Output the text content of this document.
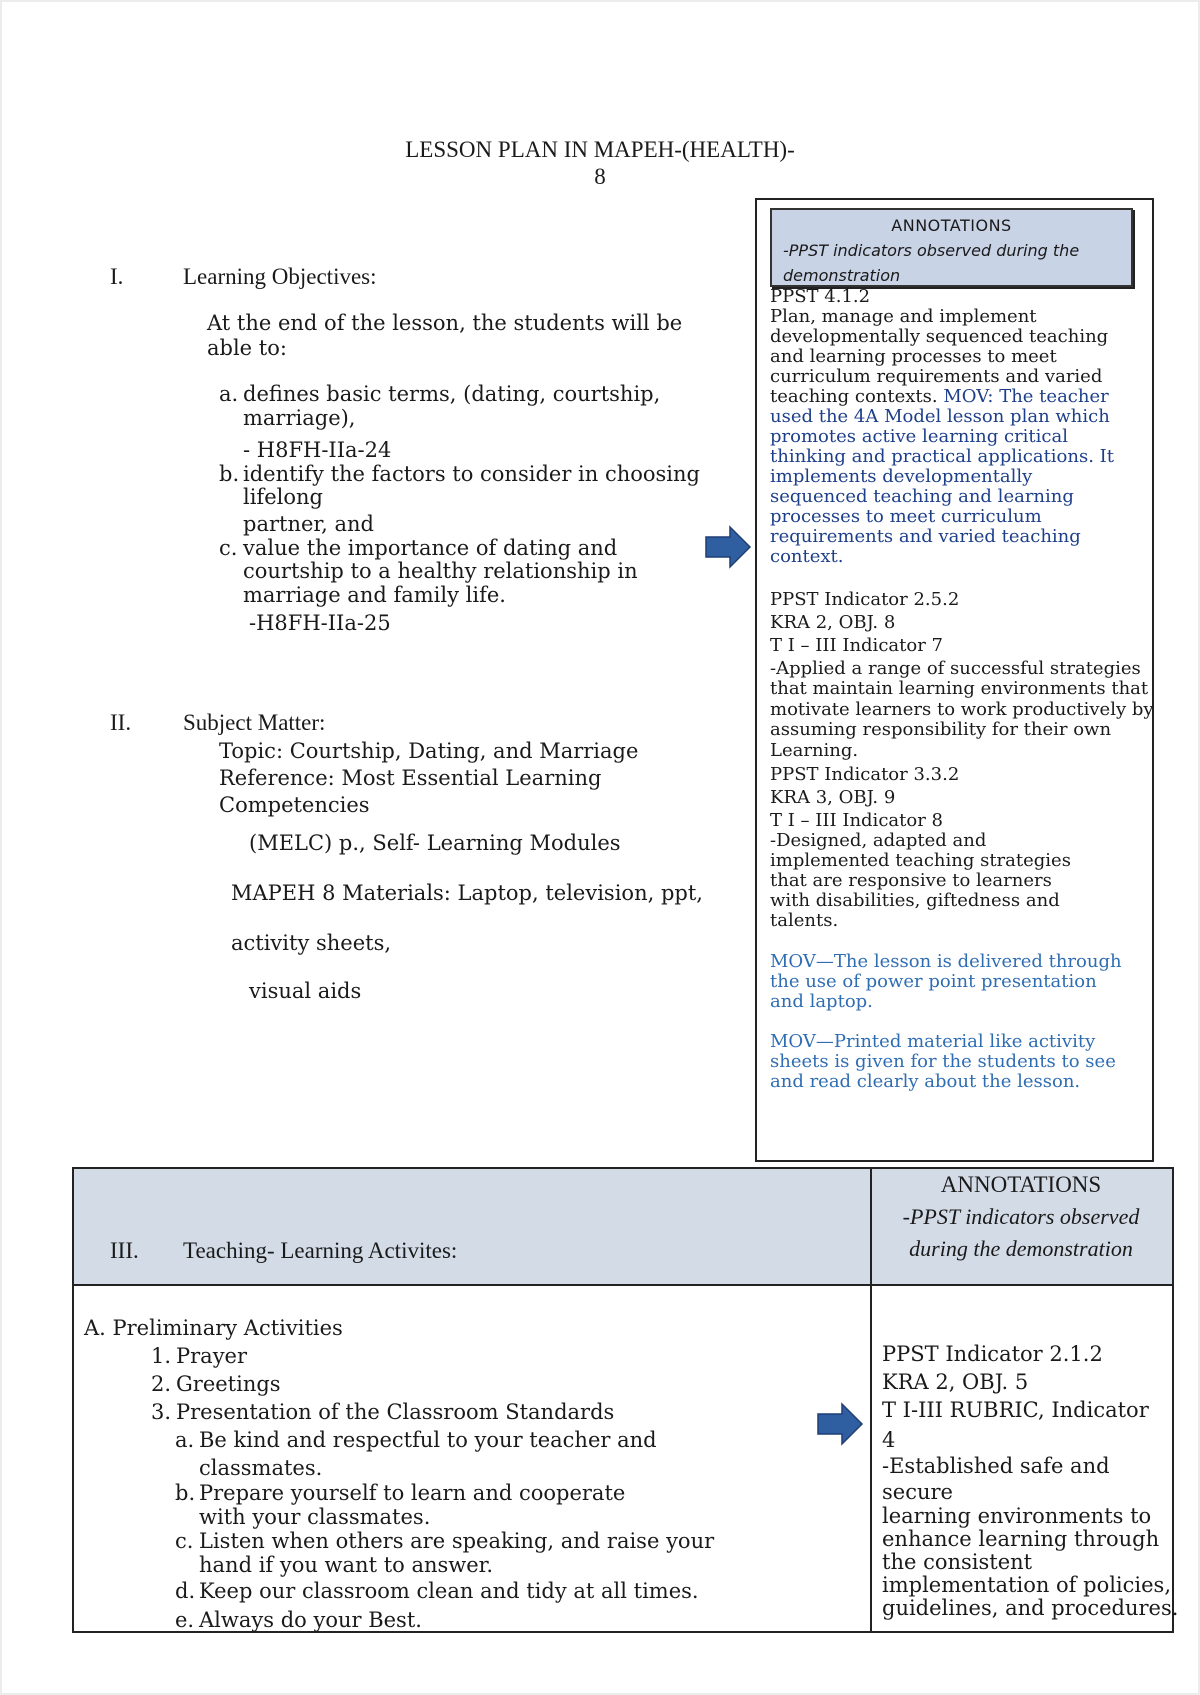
LESSON PLAN IN MAPEH-(HEALTH)-
8
I.	Learning Objectives:
At the end of the lesson, the students will be
able to:
a. defines basic terms, (dating, courtship,
marriage),
- H8FH-IIa-24
b. identify the factors to consider in choosing
lifelong
partner, and
c. value the importance of dating and
courtship to a healthy relationship in
marriage and family life.
-H8FH-IIa-25
II. Subject Matter:
Topic: Courtship, Dating, and Marriage
Reference: Most Essential Learning
Competencies
(MELC) p., Self- Learning Modules
MAPEH 8 Materials: Laptop, television, ppt,
activity sheets,
visual aids
ANNOTATIONS
-PPST indicators observed during the
demonstration
PPST 4.1.2
Plan, manage and implement
developmentally sequenced teaching
and learning processes to meet
curriculum requirements and varied
teaching contexts. MOV: The teacher
used the 4A Model lesson plan which
promotes active learning critical
thinking and practical applications. It
implements developmentally
sequenced teaching and learning
processes to meet curriculum
requirements and varied teaching
context.
PPST Indicator 2.5.2
KRA 2, OBJ. 8
T I – III Indicator 7
-Applied a range of successful strategies
that maintain learning environments that
motivate learners to work productively by
assuming responsibility for their own
Learning.
PPST Indicator 3.3.2
KRA 3, OBJ. 9
T I – III Indicator 8
-Designed, adapted and
implemented teaching strategies
that are responsive to learners
with disabilities, giftedness and
talents.
MOV—The lesson is delivered through
the use of power point presentation
and laptop.
MOV—Printed material like activity
sheets is given for the students to see
and read clearly about the lesson.
III. Teaching- Learning Activites:
ANNOTATIONS
-PPST indicators observed
during the demonstration
A. Preliminary Activities
1. Prayer
2. Greetings
3. Presentation of the Classroom Standards
a. Be kind and respectful to your teacher and
classmates.
b. Prepare yourself to learn and cooperate
with your classmates.
c. Listen when others are speaking, and raise your
hand if you want to answer.
d. Keep our classroom clean and tidy at all times.
e. Always do your Best.
PPST Indicator 2.1.2
KRA 2, OBJ. 5
T I-III RUBRIC, Indicator
4
-Established safe and
secure
learning environments to
enhance learning through
the consistent
implementation of policies,
guidelines, and procedures.
